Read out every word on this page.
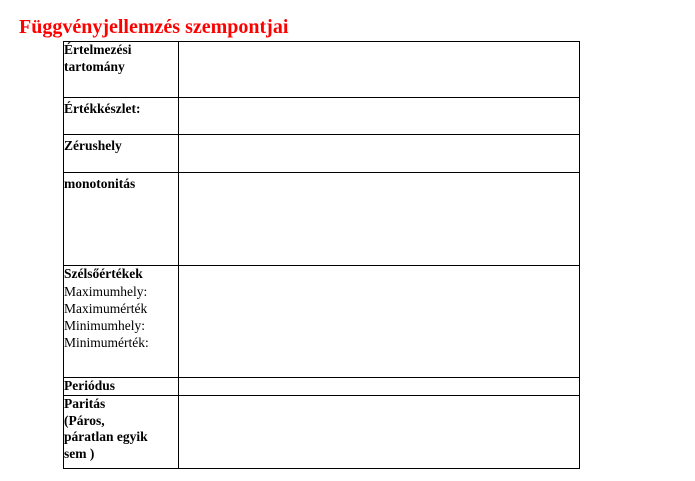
Függvényjellemzés szempontjai
Értelmezési
tartomány	

Értékkészlet:	

Zérushely	

monotonitás	

Szélsőértékek
Maximumhely:
Maximumérték
Minimumhely:
Minimumérték:	

Periódus	

Paritás
(Páros,
páratlan egyik
sem )	
